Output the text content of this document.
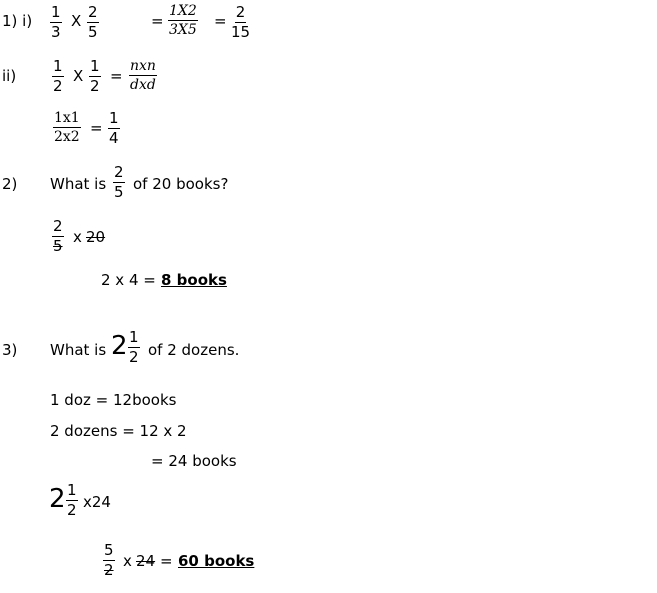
1) $i) \frac{1}{3}$ X $\frac{2}{5}$	= $\frac{1X2}{3X5} = \frac{2}{15}$
$ii) \frac{1}{2}$ X $\frac{1}{2}$ =
nxn
dxd
$\frac{1x1}{2x2} = \frac{1}{4}$
2) What is $\frac{2}{5}$ of 20 books?
$\frac{2}{5}$ x 20
2 x 4 = 8 books
3) What is $2 \frac{1}{2}$ of 2 dozens.
1 doz = 12books
2 dozens = 12 x 2
= 24 books
$2 \frac{1}{2} x24$
$\frac{5}{2}$ x 24 = 60 books
